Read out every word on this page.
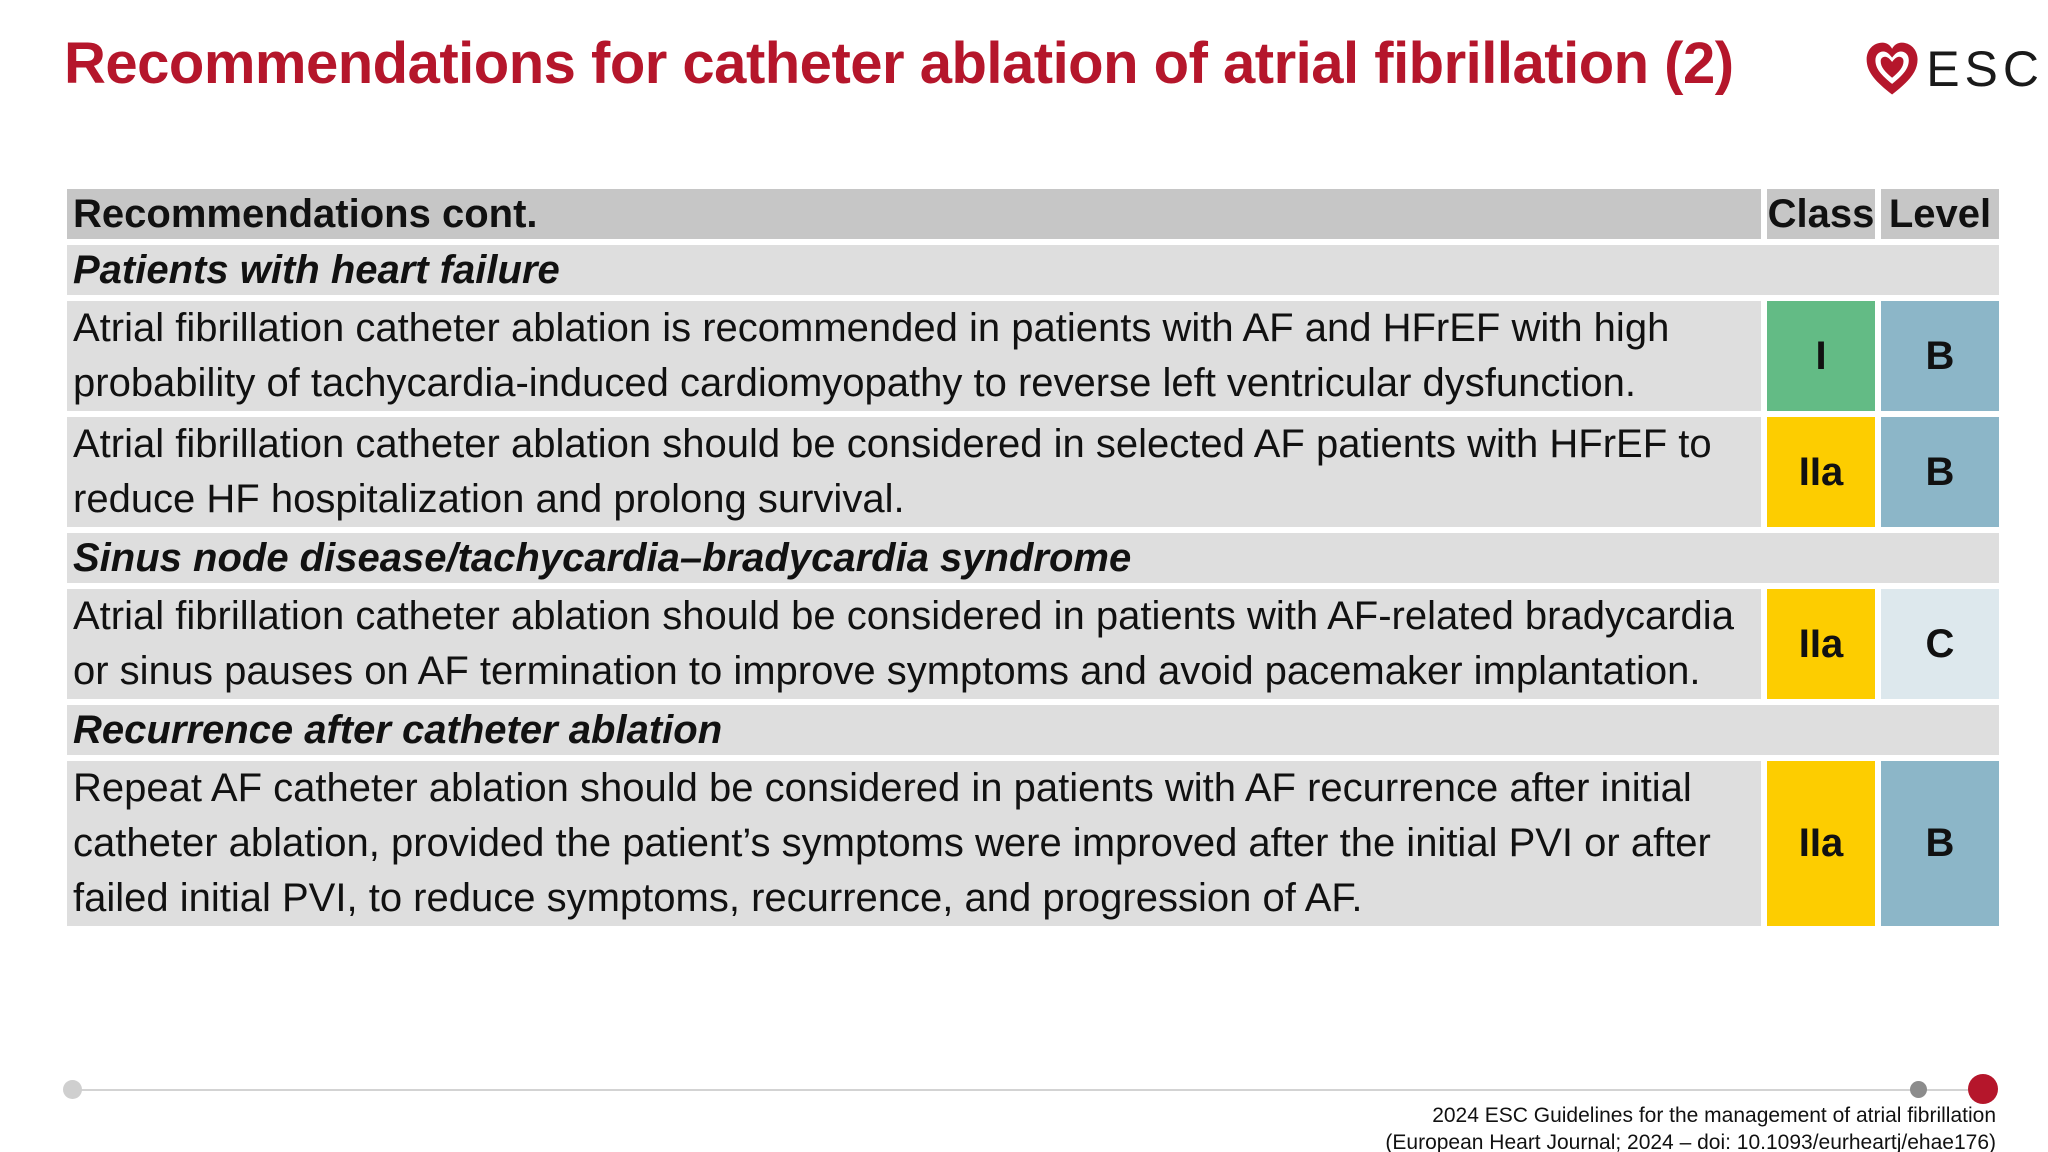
Recommendations for catheter ablation of atrial fibrillation (2)	ESC
Recommendations cont.	Class Level
Patients with heart failure
Atrial fibrillation catheter ablation is recommended in patients with AF and HFrEF with high probability of tachycardia-induced cardiomyopathy to reverse left ventricular dysfunction.
I	B
Atrial fibrillation catheter ablation should be considered in selected AF patients with HFrEF to reduce HF hospitalization and prolong survival.
IIa	B
Sinus node disease/tachycardia–bradycardia syndrome
Atrial fibrillation catheter ablation should be considered in patients with AF-related bradycardia or sinus pauses on AF termination to improve symptoms and avoid pacemaker implantation.
IIa	C
Recurrence after catheter ablation
Repeat AF catheter ablation should be considered in patients with AF recurrence after initial catheter ablation, provided the patient’s symptoms were improved after the initial PVI or after failed initial PVI, to reduce symptoms, recurrence, and progression of AF.
IIa	B
2024 ESC Guidelines for the management of atrial fibrillation
(European Heart Journal; 2024 – doi: 10.1093/eurheartj/ehae176)
